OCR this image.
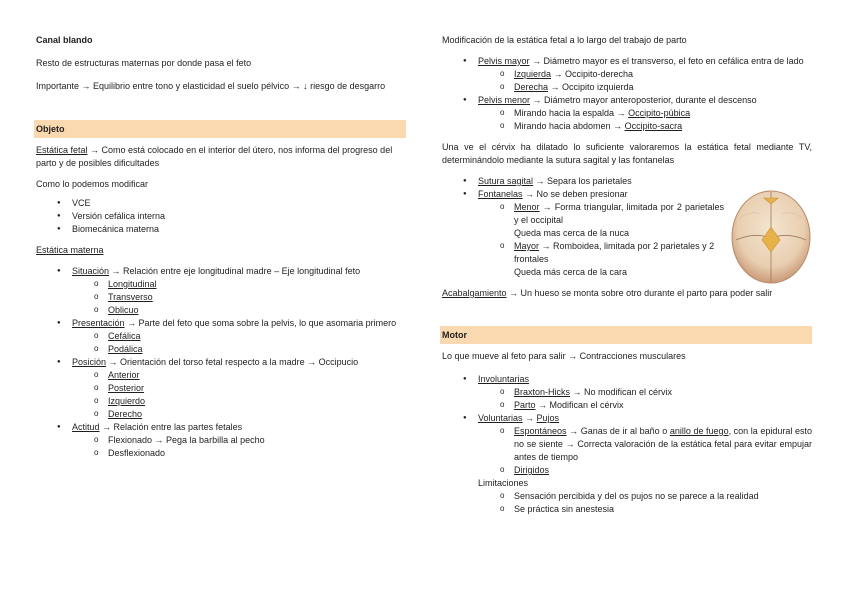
Canal blando

Resto de estructuras maternas por donde pasa el feto

Importante → Equilibrio entre tono y elasticidad el suelo pélvico → ↓ riesgo de desgarro

Objeto

Estática fetal → Como está colocado en el interior del útero, nos informa del progreso del parto y de posibles dificultades

Como lo podemos modificar

● VCE
● Versión cefálica interna
● Biomecánica materna

Estática materna

● Situación → Relación entre eje longitudinal madre – Eje longitudinal feto
o Longitudinal
o Transverso
o Oblicuo
● Presentación → Parte del feto que soma sobre la pelvis, lo que asomaria primero
o Cefálica
o Podálica
● Posición → Orientación del torso fetal respecto a la madre → Occipucio
o Anterior
o Posterior
o Izquierdo
o Derecho
● Actitud → Relación entre las partes fetales
o Flexionado → Pega la barbilla al pecho
o Desflexionado

Modificación de la estática fetal a lo largo del trabajo de parto

● Pelvis mayor → Diámetro mayor es el transverso, el feto en cefálica entra de lado
o Izquierda → Occipito-derecha
o Derecha → Occipito izquierda
● Pelvis menor → Diámetro mayor anteroposterior, durante el descenso
o Mirando hacia la espalda → Occipito-púbica
o Mirando hacia abdomen → Occipito-sacra

Una ve el cérvix ha dilatado lo suficiente valoraremos la estática fetal mediante TV, determinándolo mediante la sutura sagital y las fontanelas

● Sutura sagital → Separa los parietales
● Fontanelas → No se deben presionar
o Menor → Forma triangular, limitada por 2 parietales y el occipital
Queda mas cerca de la nuca
o Mayor → Romboidea, limitada por 2 parietales y 2 frontales
Queda más cerca de la cara

Acabalgamiento → Un hueso se monta sobre otro durante el parto para poder salir

Motor

Lo que mueve al feto para salir → Contracciones musculares

● Involuntarias
o Braxton-Hicks → No modifican el cérvix
o Parto → Modifican el cérvix
● Voluntarias → Pujos
o Espontáneos → Ganas de ir al baño o anillo de fuego, con la epidural esto no se siente → Correcta valoración de la estática fetal para evitar empujar antes de tiempo
o Dirigidos

Limitaciones

o Sensación percibida y del os pujos no se parece a la realidad
o Se práctica sin anestesia
